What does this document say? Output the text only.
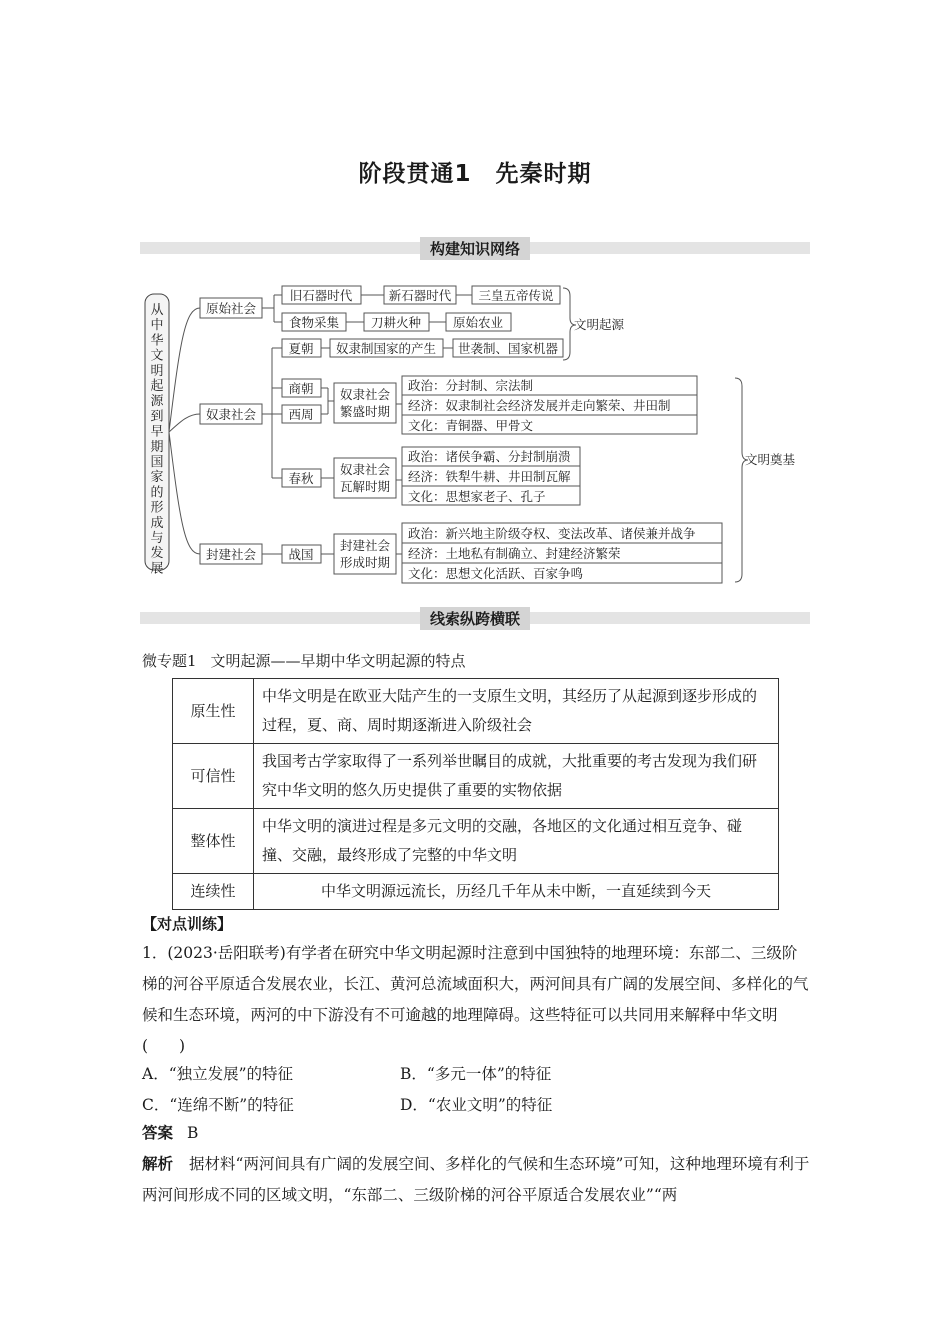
阶段贯通1　先秦时期
构建知识网络
从中华文明起源到早期国家的形成与发展
原始社会
旧石器时代	新石器时代 三皇五帝传说
食物采集	刀耕火种	原始农业	文明起源
奴隶社会
夏朝 奴隶制国家的产生 世袭制、国家机器
商朝
西周
奴隶社会
繁盛时期
政治：分封制、宗法制
经济：奴隶制社会经济发展并走向繁荣、井田制
文化：青铜器、甲骨文
春秋
奴隶社会
瓦解时期
政治：诸侯争霸、分封制崩溃
经济：铁犁牛耕、井田制瓦解
文化：思想家老子、孔子
封建社会	战国
封建社会
形成时期
政治：新兴地主阶级夺权、变法改革、诸侯兼并战争
经济：土地私有制确立、封建经济繁荣
文化：思想文化活跃、百家争鸣
文明奠基
线索纵跨横联
微专题1 文明起源——早期中华文明起源的特点
原生性	中华文明是在欧亚大陆产生的一支原生文明，其经历了从起源到逐步形成的过程，夏、商、周时期逐渐进入阶级社会
可信性	我国考古学家取得了一系列举世瞩目的成就，大批重要的考古发现为我们研究中华文明的悠久历史提供了重要的实物依据
整体性	中华文明的演进过程是多元文明的交融，各地区的文化通过相互竞争、碰撞、交融，最终形成了完整的中华文明
连续性	中华文明源远流长，历经几千年从未中断，一直延续到今天
【对点训练】
1．(2023·岳阳联考)有学者在研究中华文明起源时注意到中国独特的地理环境：东部二、三级阶梯的河谷平原适合发展农业，长江、黄河总流域面积大，两河间具有广阔的发展空间、多样化的气候和生态环境，两河的中下游没有不可逾越的地理障碍。这些特征可以共同用来解释中华文明(　　)
A．“独立发展”的特征	B．“多元一体”的特征
C．“连绵不断”的特征	D．“农业文明”的特征
答案 B
解析 据材料“两河间具有广阔的发展空间、多样化的气候和生态环境”可知，这种地理环境有利于两河间形成不同的区域文明，“东部二、三级阶梯的河谷平原适合发展农业”“两
